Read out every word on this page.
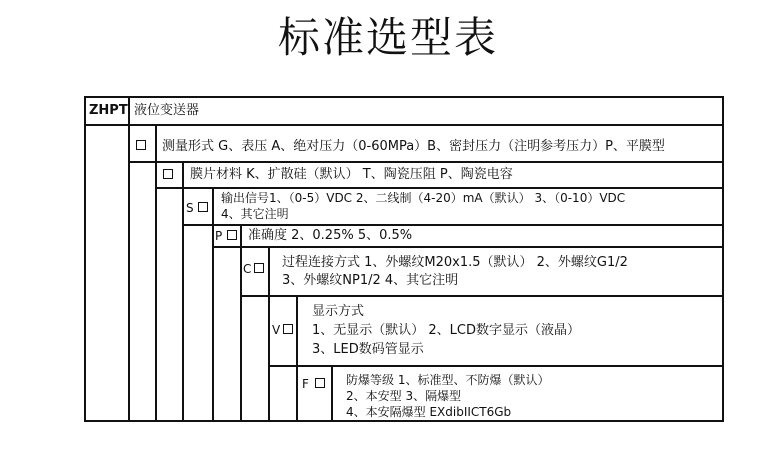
标准选型表
ZHPT 液位变送器
测量形式 G、表压 A、绝对压力（0-60MPa）B、密封压力（注明参考压力）P、平膜型
膜片材料 K、扩散硅（默认） T、陶瓷压阻 P、陶瓷电容
S
输出信号1、（0-5）VDC 2、二线制（4-20）mA（默认） 3、（0-10）VDC
4、其它注明
P 准确度 2、0.25% 5、0.5%
C 过程连接方式 1、外螺纹M20x1.5（默认） 2、外螺纹G1/2
3、外螺纹NP1/2 4、其它注明
V
显示方式
1、无显示（默认） 2、LCD数字显示（液晶）
3、LED数码管显示
F	防爆等级 1、标准型、不防爆（默认）
2、本安型 3、隔爆型
4、本安隔爆型 EXdibIICT6Gb
